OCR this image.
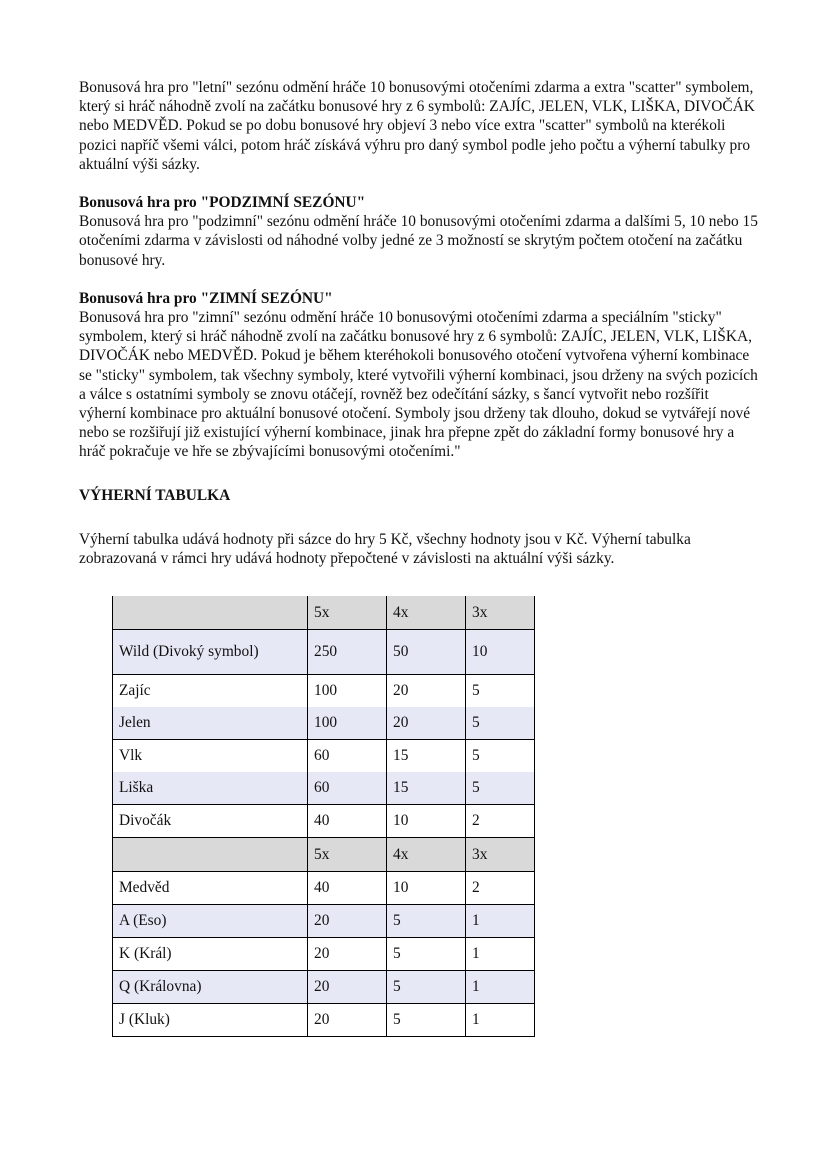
Bonusová hra pro "letní" sezónu odmění hráče 10 bonusovými otočeními zdarma a extra "scatter" symbolem, který si hráč náhodně zvolí na začátku bonusové hry z 6 symbolů: ZAJÍC, JELEN, VLK, LIŠKA, DIVOČÁK nebo MEDVĚD. Pokud se po dobu bonusové hry objeví 3 nebo více extra "scatter" symbolů na kterékoli pozici napříč všemi válci, potom hráč získává výhru pro daný symbol podle jeho počtu a výherní tabulky pro aktuální výši sázky.

Bonusová hra pro "PODZIMNÍ SEZÓNU"

Bonusová hra pro "podzimní" sezónu odmění hráče 10 bonusovými otočeními zdarma a dalšími 5, 10 nebo 15 otočeními zdarma v závislosti od náhodné volby jedné ze 3 možností se skrytým počtem otočení na začátku bonusové hry.

Bonusová hra pro "ZIMNÍ SEZÓNU"

Bonusová hra pro "zimní" sezónu odmění hráče 10 bonusovými otočeními zdarma a speciálním "sticky" symbolem, který si hráč náhodně zvolí na začátku bonusové hry z 6 symbolů: ZAJÍC, JELEN, VLK, LIŠKA, DIVOČÁK nebo MEDVĚD. Pokud je během kteréhokoli bonusového otočení vytvořena výherní kombinace se "sticky" symbolem, tak všechny symboly, které vytvořili výherní kombinaci, jsou drženy na svých pozicích a válce s ostatními symboly se znovu otáčejí, rovněž bez odečítání sázky, s šancí vytvořit nebo rozšířit výherní kombinace pro aktuální bonusové otočení. Symboly jsou drženy tak dlouho, dokud se vytvářejí nové nebo se rozšiřují již existující výherní kombinace, jinak hra přepne zpět do základní formy bonusové hry a hráč pokračuje ve hře se zbývajícími bonusovými otočeními."

VÝHERNÍ TABULKA

Výherní tabulka udává hodnoty při sázce do hry 5 Kč, všechny hodnoty jsou v Kč. Výherní tabulka zobrazovaná v rámci hry udává hodnoty přepočtené v závislosti na aktuální výši sázky.

	5x	4x	3x
Wild (Divoký symbol)	250	50	10
Zajíc	100	20	5
Jelen	100	20	5
Vlk	60	15	5
Liška	60	15	5
Divočák	40	10	2
	5x	4x	3x
Medvěd	40	10	2
A (Eso)	20	5	1
K (Král)	20	5	1
Q (Královna)	20	5	1
J (Kluk)	20	5	1
